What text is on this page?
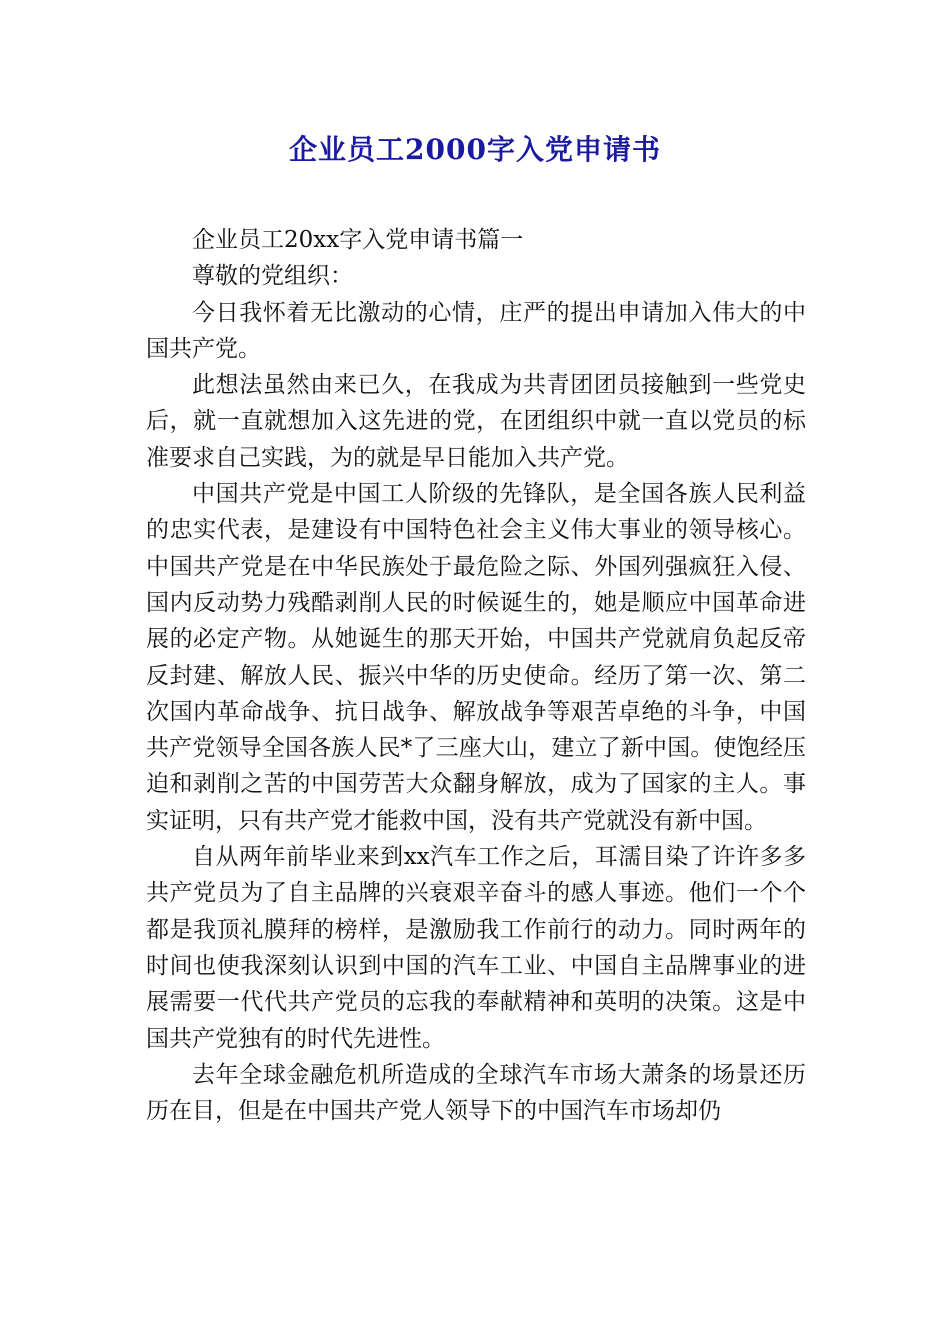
企业员工2000字入党申请书

企业员工20xx字入党申请书篇一

尊敬的党组织：

今日我怀着无比激动的心情，庄严的提出申请加入伟大的中国共产党。

此想法虽然由来已久，在我成为共青团团员接触到一些党史后，就一直就想加入这先进的党，在团组织中就一直以党员的标准要求自己实践，为的就是早日能加入共产党。

中国共产党是中国工人阶级的先锋队，是全国各族人民利益的忠实代表，是建设有中国特色社会主义伟大事业的领导核心。中国共产党是在中华民族处于最危险之际、外国列强疯狂入侵、国内反动势力残酷剥削人民的时候诞生的，她是顺应中国革命进展的必定产物。从她诞生的那天开始，中国共产党就肩负起反帝反封建、解放人民、振兴中华的历史使命。经历了第一次、第二次国内革命战争、抗日战争、解放战争等艰苦卓绝的斗争，中国共产党领导全国各族人民*了三座大山，建立了新中国。使饱经压迫和剥削之苦的中国劳苦大众翻身解放，成为了国家的主人。事实证明，只有共产党才能救中国，没有共产党就没有新中国。

自从两年前毕业来到xx汽车工作之后，耳濡目染了许许多多共产党员为了自主品牌的兴衰艰辛奋斗的感人事迹。他们一个个都是我顶礼膜拜的榜样，是激励我工作前行的动力。同时两年的时间也使我深刻认识到中国的汽车工业、中国自主品牌事业的进展需要一代代共产党员的忘我的奉献精神和英明的决策。这是中国共产党独有的时代先进性。

去年全球金融危机所造成的全球汽车市场大萧条的场景还历历在目，但是在中国共产党人领导下的中国汽车市场却仍
